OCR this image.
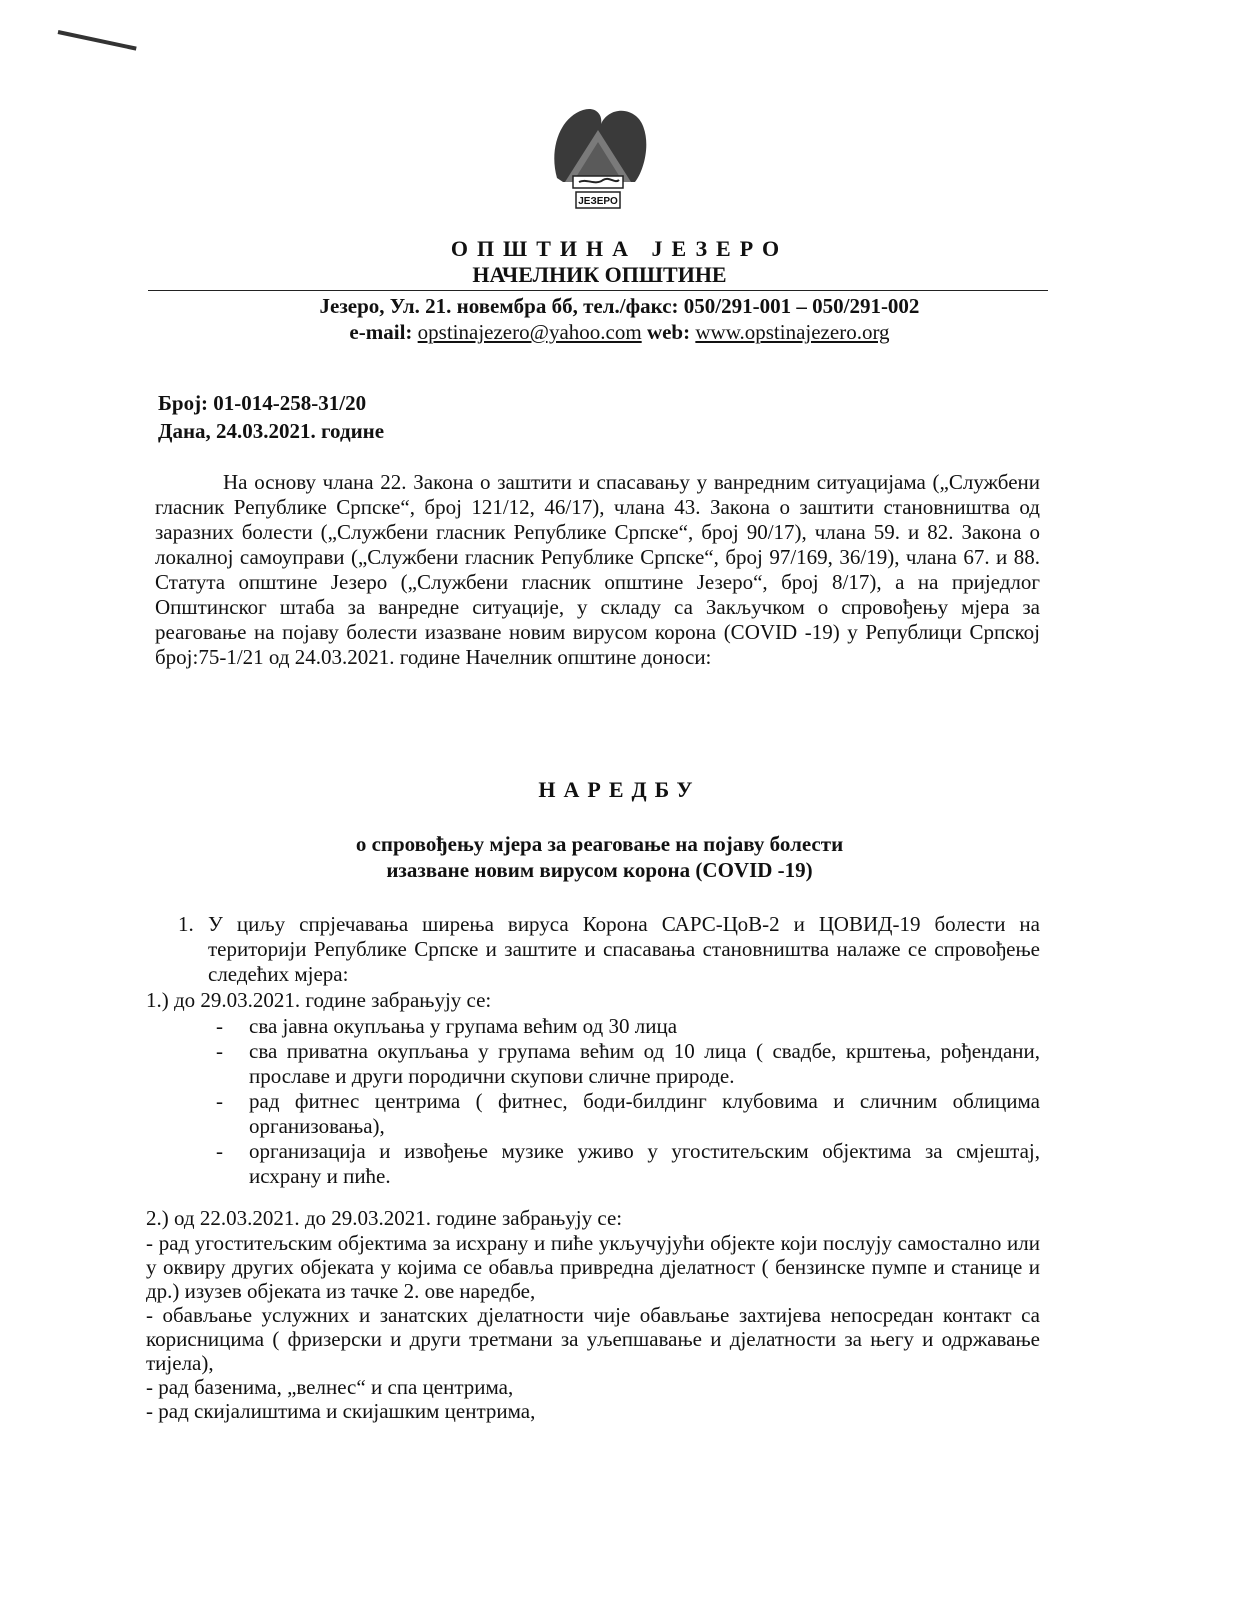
ЈЕЗЕРО
ОПШТИНА ЈЕЗЕРО
НАЧЕЛНИК ОПШТИНЕ
Језеро, Ул. 21. новембра бб, тел./факс: 050/291-001 – 050/291-002
e-mail: opstinajezero@yahoo.com web: www.opstinajezero.org
Број: 01-014-258-31/20
Дана, 24.03.2021. године
На основу члана 22. Закона о заштити и спасавању у ванредним ситуацијама („Службени гласник Републике Српске“, број 121/12, 46/17), члана 43. Закона о заштити становништва од заразних болести („Службени гласник Републике Српске“, број 90/17), члана 59. и 82. Закона о локалној самоуправи („Службени гласник Републике Српске“, број 97/169, 36/19), члана 67. и 88. Статута општине Језеро („Службени гласник општине Језеро“, број 8/17), а на приједлог Општинског штаба за ванредне ситуације, у складу са Закључком о спровођењу мјера за реаговање на појаву болести изазване новим вирусом корона (COVID -19) у Републици Српској број:75-1/21 од 24.03.2021. године Начелник општине доноси:
НАРЕДБУ
о спровођењу мјера за реаговање на појаву болести
изазване новим вирусом корона (COVID -19)
1. У циљу спрјечавања ширења вируса Корона САРС-ЦоВ-2 и ЦОВИД-19 болести на територији Републике Српске и заштите и спасавања становништва налаже се спровођење следећих мјера:
1.) до 29.03.2021. године забрањују се:
- сва јавна окупљања у групама већим од 30 лица
- сва приватна окупљања у групама већим од 10 лица ( свадбе, крштења, рођендани, прославе и други породични скупови сличне природе.
- рад фитнес центрима ( фитнес, боди-билдинг клубовима и сличним облицима организовања),
- организација и извођење музике уживо у угоститељским објектима за смјештај, исхрану и пиће.
2.) од 22.03.2021. до 29.03.2021. године забрањују се:

- рад угоститељским објектима за исхрану и пиће укључујући објекте који послују самостално или у оквиру других објеката у којима се обавља привредна дјелатност ( бензинске пумпе и станице и др.) изузев објеката из тачке 2. ове наредбе,

- обављање услужних и занатских дјелатности чије обављање захтијева непосредан контакт са корисницима ( фризерски и други третмани за уљепшавање и дјелатности за његу и одржавање тијела),

- рад базенима, „велнес“ и спа центрима,

- рад скијалиштима и скијашким центрима,
